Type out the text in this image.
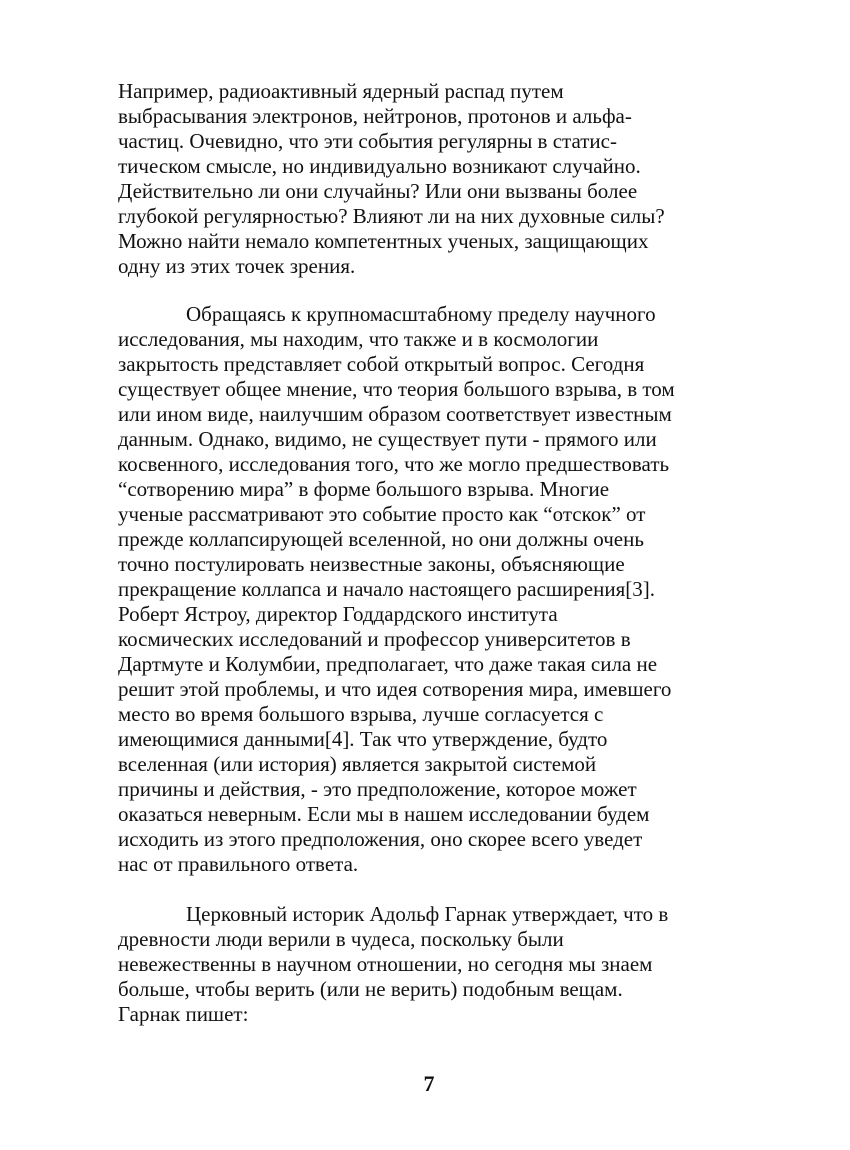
Например, радиоактивный ядерный распад путем
выбрасывания электронов, нейтронов, протонов и альфа-
частиц. Очевидно, что эти события регулярны в статис-
тическом смысле, но индивидуально возникают случайно.
Действительно ли они случайны? Или они вызваны более
глубокой регулярностью? Влияют ли на них духовные силы?
Можно найти немало компетентных ученых, защищающих
одну из этих точек зрения.

Обращаясь к крупномасштабному пределу научного
исследования, мы находим, что также и в космологии
закрытость представляет собой открытый вопрос. Сегодня
существует общее мнение, что теория большого взрыва, в том
или ином виде, наилучшим образом соответствует известным
данным. Однако, видимо, не существует пути - прямого или
косвенного, исследования того, что же могло предшествовать
“сотворению мира” в форме большого взрыва. Многие
ученые рассматривают это событие просто как “отскок” от
прежде коллапсирующей вселенной, но они должны очень
точно постулировать неизвестные законы, объясняющие
прекращение коллапса и начало настоящего расширения[3].
Роберт Ястроу, директор Годдардского института
космических исследований и профессор университетов в
Дартмуте и Колумбии, предполагает, что даже такая сила не
решит этой проблемы, и что идея сотворения мира, имевшего
место во время большого взрыва, лучше согласуется с
имеющимися данными[4]. Так что утверждение, будто
вселенная (или история) является закрытой системой
причины и действия, - это предположение, которое может
оказаться неверным. Если мы в нашем исследовании будем
исходить из этого предположения, оно скорее всего уведет
нас от правильного ответа.

Церковный историк Адольф Гарнак утверждает, что в
древности люди верили в чудеса, поскольку были
невежественны в научном отношении, но сегодня мы знаем
больше, чтобы верить (или не верить) подобным вещам.
Гарнак пишет:

7
